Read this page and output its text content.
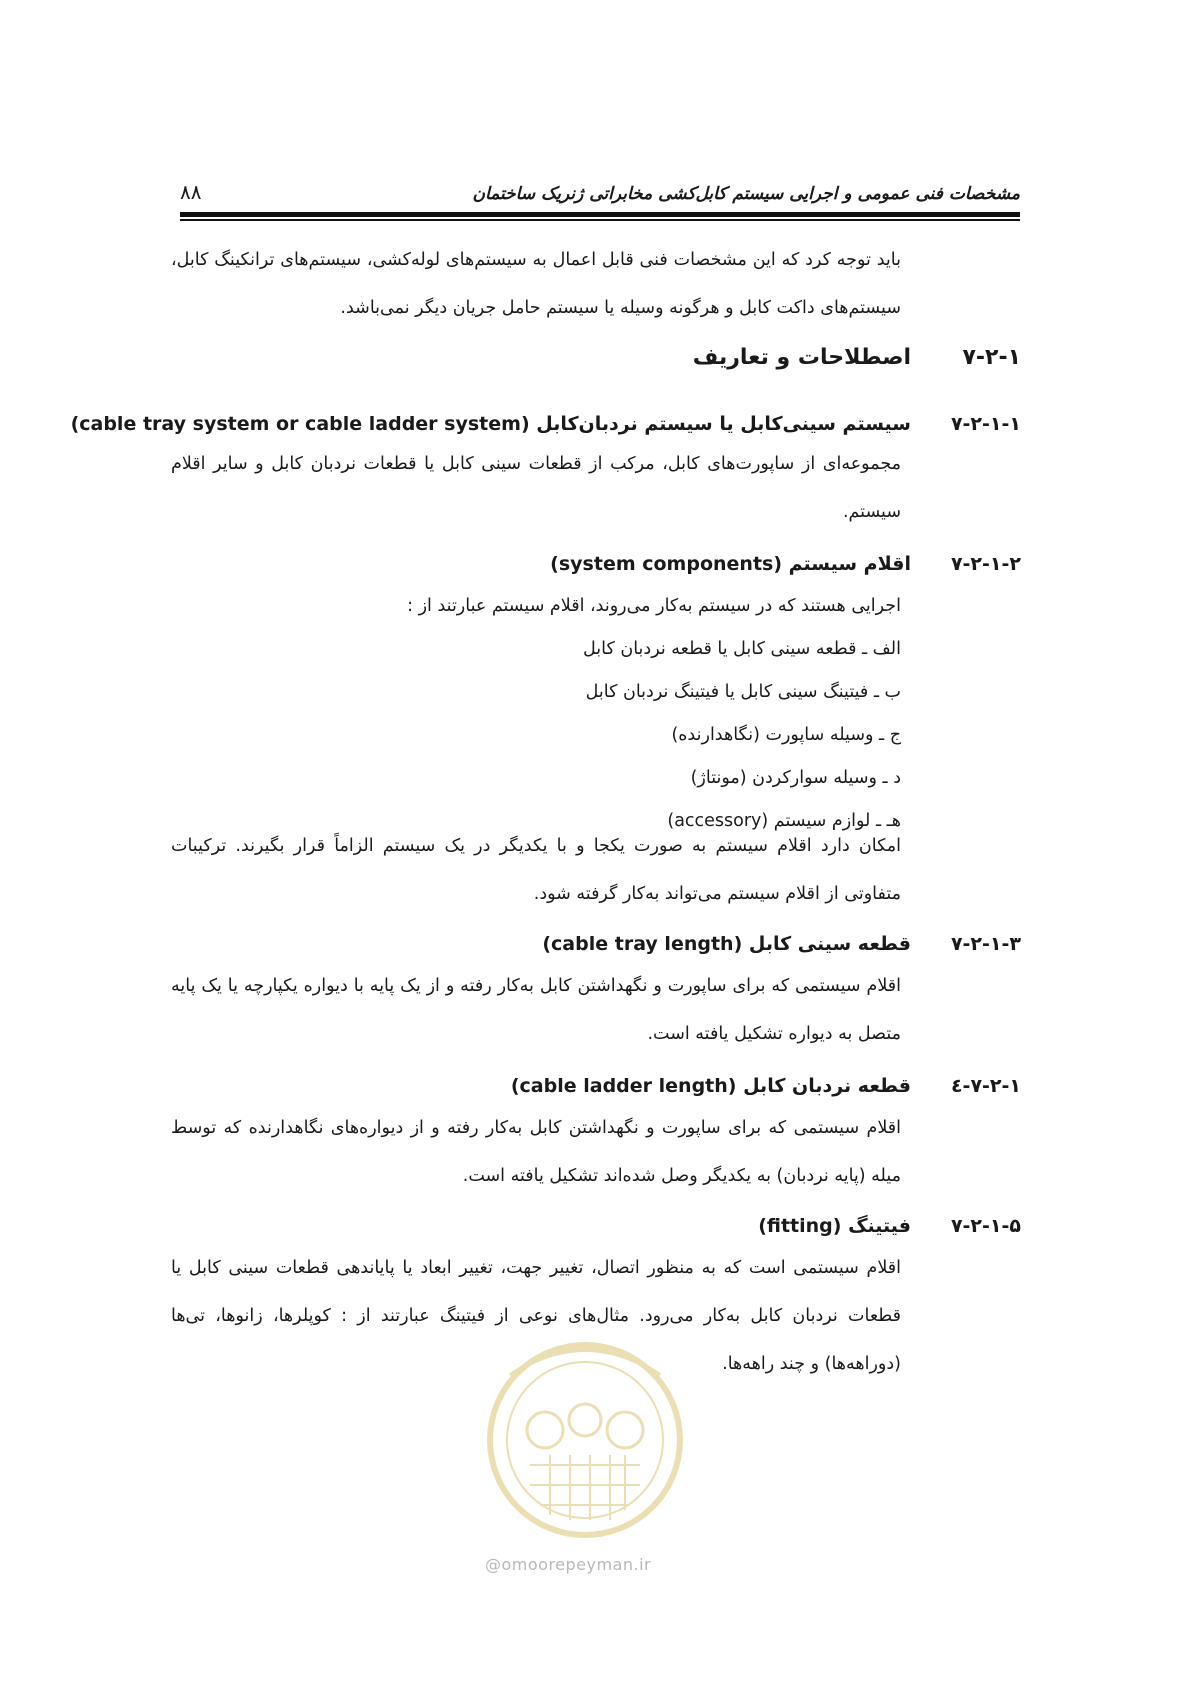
مشخصات فنی عمومی و اجرایی سیستم کابل‌کشی مخابراتی ژنریک ساختمان
۸۸
باید توجه کرد که این مشخصات فنی قابل اعمال به سیستم‌های لوله‌کشی، سیستم‌های ترانکینگ کابل، سیستم‌های داکت کابل و هرگونه وسیله یا سیستم حامل جریان دیگر نمی‌باشد.
۷-۲-۱اصطلاحات و تعاریف
۷-۲-۱-۱سیستم سینی‌کابل یا سیستم نردبان‌کابل (cable tray system or cable ladder system)
مجموعه‌ای از ساپورت‌های کابل، مرکب از قطعات سینی کابل یا قطعات نردبان کابل و سایر اقلام سیستم.
۷-۲-۱-۲اقلام سیستم (system components)
اجرایی هستند که در سیستم به‌کار می‌روند، اقلام سیستم عبارتند از :
الف ـ قطعه سینی کابل یا قطعه نردبان کابل
ب ـ فیتینگ سینی کابل یا فیتینگ نردبان کابل
ج ـ وسیله ساپورت (نگاهدارنده)
د ـ وسیله سوارکردن (مونتاژ)
هـ ـ لوازم سیستم (accessory)
امکان دارد اقلام سیستم به صورت یکجا و با یکدیگر در یک سیستم الزاماً قرار بگیرند. ترکیبات متفاوتی از اقلام سیستم می‌تواند به‌کار گرفته شود.
۷-۲-۱-۳قطعه سینی کابل (cable tray length)
اقلام سیستمی که برای ساپورت و نگهداشتن کابل به‌کار رفته و از یک پایه با دیواره یکپارچه یا یک پایه متصل به دیواره تشکیل یافته است.
۷-۲-۱-٤قطعه نردبان کابل (cable ladder length)
اقلام سیستمی که برای ساپورت و نگهداشتن کابل به‌کار رفته و از دیواره‌های نگاهدارنده که توسط میله (پایه نردبان) به یکدیگر وصل شده‌اند تشکیل یافته است.
۷-۲-۱-۵فیتینگ (fitting)
اقلام سیستمی است که به منظور اتصال، تغییر جهت، تغییر ابعاد یا پایاندهی قطعات سینی کابل یا قطعات نردبان کابل به‌کار می‌رود. مثال‌های نوعی از فیتینگ عبارتند از : کوپلرها، زانوها، تی‌ها (دوراهه‌ها) و چند راهه‌ها.
@omoorepeyman.ir
